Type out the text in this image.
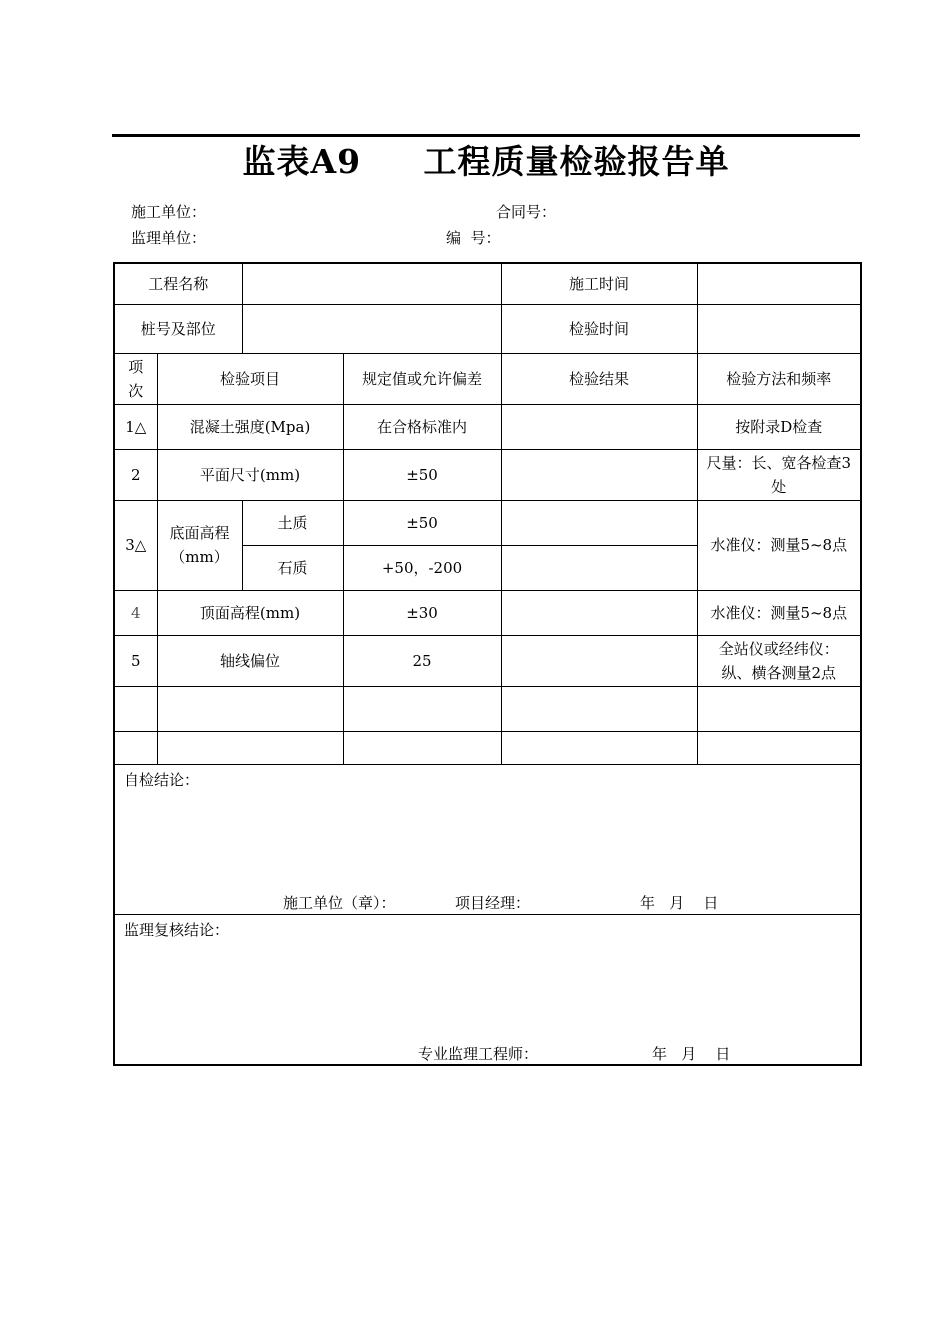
监表A9     工程质量检验报告单
施工单位：	合同号：
监理单位：	编  号：
工程名称				施工时间	
桩号及部位				检验时间	

项次	检验项目		规定值或允许偏差	检验结果	检验方法和频率
1△	混凝土强度(Mpa)		在合格标准内		按附录D检查
2	平面尺寸(mm)		±50		尺量：长、宽各检查3处

3△	底面高程（mm）	土质	±50		水准仪：测量5~8点
		石质	+50，-200		
4	顶面高程(mm)		±30		水准仪：测量5~8点
5	轴线偏位		25		全站仪或经纬仪：纵、横各测量2点

自检结论：
施工单位（章）： 项目经理： 年   月    日					

监理复核结论：
专业监理工程师： 年   月    日					
